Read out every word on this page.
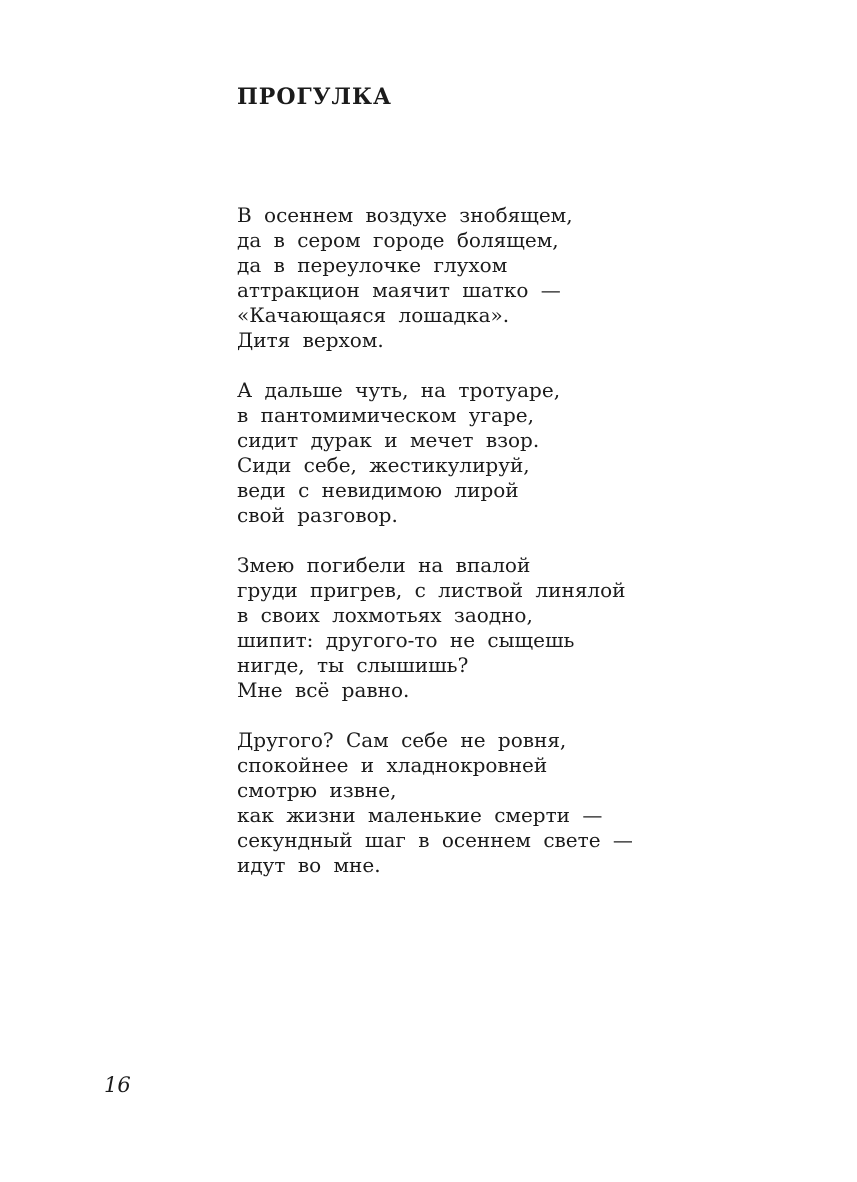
ПРОГУЛКА
В осеннем воздухе знобящем,
да в сером городе болящем,
да в переулочке глухом
аттракцион маячит шатко —
«Качающаяся лошадка».
Дитя верхом.
А дальше чуть, на тротуаре,
в пантомимическом угаре,
сидит дурак и мечет взор.
Сиди себе, жестикулируй,
веди с невидимою лирой
свой разговор.
Змею погибели на впалой
груди пригрев, с листвой линялой
в своих лохмотьях заодно,
шипит: другого-то не сыщешь
нигде, ты слышишь?
Мне всё равно.
Другого? Сам себе не ровня,
спокойнее и хладнокровней
смотрю извне,
как жизни маленькие смерти —
секундный шаг в осеннем свете —
идут во мне.
16
